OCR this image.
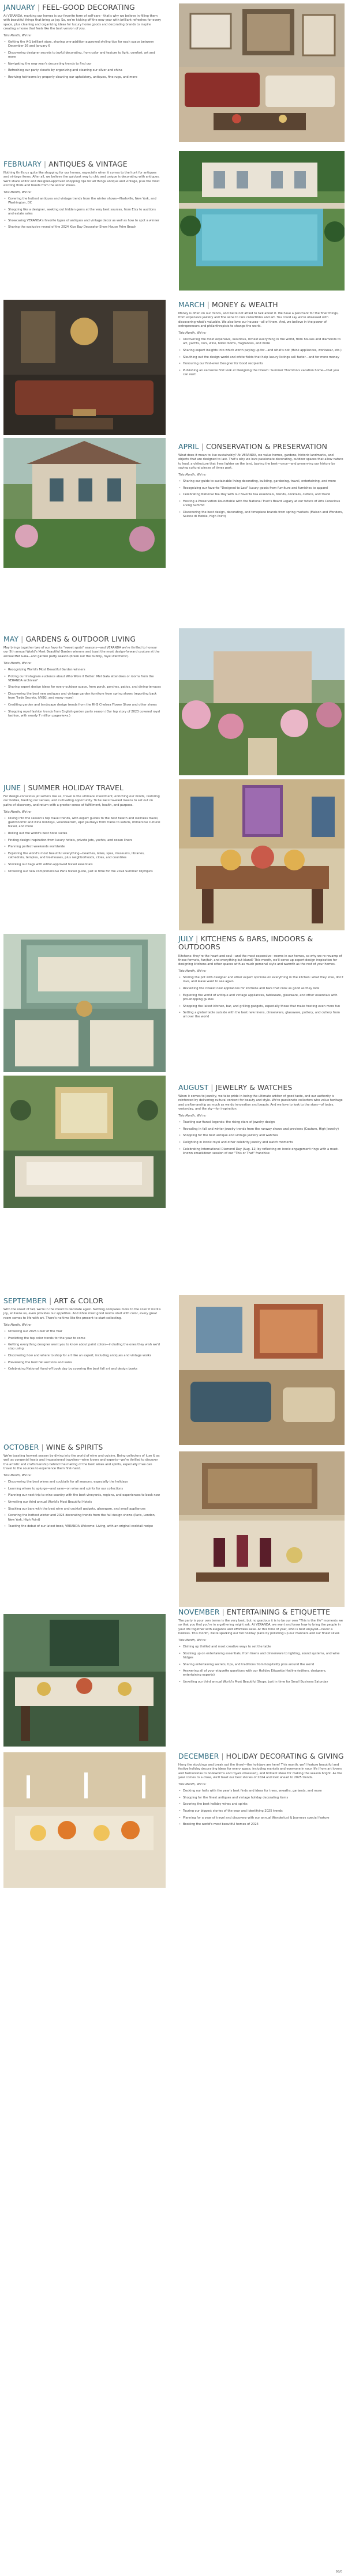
JANUARY | FEEL-GOOD DECORATING

At VERANDA, marking our homes is our favorite form of self-care - that's why we believe in filling them with beautiful things that bring us joy. So, we're kicking off the new year with brilliant refreshes for every space, plus cleaning and organizing ideas for luxury home goods and decorating brands to inspire creating a home that feels like the best version of you.

This Month, We're:

• Getting the A-1 brilliant stars, sharing one-addition-approved styling tips for each space between December 26 and January 6
• Discovering designer secrets to joyful decorating, from color and texture to light, comfort, art and more
• Navigating the new year's decorating trends to find our
• Refreshing our party closets by organizing and cleaning our silver and china
• Reviving heirlooms by properly cleaning our upholstery, antiques, fine rugs, and more
FEBRUARY | ANTIQUES & VINTAGE

Nothing thrills us quite like shopping for our homes, especially when it comes to the hunt for antiques and vintage items. After all, we believe the quickest way to chic and unique is decorating with antiques. We'll share editor and designer-approved shopping tips for all things antique and vintage, plus the most exciting finds and trends from the winter shows.

This Month, We're:

• Covering the hottest antiques and vintage trends from the winter shows—Nashville, New York, and Washington, DC
• Shopping like a designer, seeking out hidden gems at the very best sources, from Etsy to auctions and estate sales
• Showcasing VERANDA's favorite types of antiques and vintage decor as well as how to spot a winner
• Sharing the exclusive reveal of the 2024 Kips Bay Decorator Show House Palm Beach
MARCH | MONEY & WEALTH

Money is often on our minds, and we're not afraid to talk about it. We have a penchant for the finer things, from expensive jewelry and fine wine to rare collectibles and art. You could say we're obsessed with discovering what's valuable. We also love our houses—all of them. And, we believe in the power of entrepreneurs and philanthropists to change the world.

This Month, We're:

• Uncovering the most expensive, luxurious, richest everything in the world, from houses and diamonds to art, yachts, cars, wine, hotel rooms, fragrances, and more
• Sharing expert insights into which worth paying up for—and what's not (think appliances, workwear, etc.)
• Sleuthing out the design world and white fields that help luxury listings sell faster—and for more money
• Honouring our first-ever Designer for Good recipients
• Publishing an exclusive first look at Designing the Dream: Summer Thornton's vacation home—that you can rent!
APRIL | CONSERVATION & PRESERVATION

What does it mean to live sustainably? At VERANDA, we value homes, gardens, historic landmarks, and objects that are designed to last. That's why we love passionate decorating, outdoor spaces that allow nature to lead, architecture that lives lighter on the land, buying the best—once—and preserving our history by saving cultural pieces of times past.

This Month, We're:

• Sharing our guide to sustainable living decorating, building, gardening, travel, entertaining, and more
• Recognizing our favorite "Designed to Last" luxury goods from furniture and furnishes to apparel
• Celebrating National Tea Day with our favorite tea essentials, blends, cocktails, culture, and travel
• Hosting a Preservation Roundtable with the National Trust's Board Legacy at our future of Arts Conscious Living Summit
• Discovering the best design, decorating, and timepiece brands from spring markets (Maison and Wonders, Salone di Mobile, High Point)
MAY | GARDENS & OUTDOOR LIVING

May brings together two of our favorite "sweet spots" seasons—and VERANDA we're thrilled to honour our 5th annual World's Most Beautiful Garden winners and toast the most design-forward couture at the annual Met Gala—and garden party season (break out the bubbly, royal watchers!).

This Month, We're:

• Recognizing World's Most Beautiful Garden winners
• Picking our Instagram audience about Who Wore it Better: Met Gala attendees or rooms from the VERANDA archives?
• Sharing expert design ideas for every outdoor space, from porch, porches, patios, and dining terraces
• Discovering the best new antiques and vintage garden furniture from spring shows (reporting back from Trade Secrets, NYBG, and many more)
• Crediting garden and landscape design trends from the RHS Chelsea Flower Show and other shows
• Shopping royal fashion trends from English garden party season (Our top story of 2023 covered royal fashion, with nearly 7 million pageviews.)
JUNE | SUMMER HOLIDAY TRAVEL

For design-conscious jet setters like us, travel is the ultimate investment, enriching our minds, restoring our bodies, feeding our senses, and cultivating opportunity. To be well-traveled means to set out on paths of discovery, and return with a greater sense of fulfillment, health, and purpose.

This Month, We're:

• Diving into the season's top travel trends, with expert guides to the best health and wellness travel, gastronomic and wine holidays, volunteerism, epic journeys from trains to safaris, immersive cultural travel, and more
• Rolling out the world's best hotel suites
• Finding design inspiration from luxury hotels, private jets, yachts, and ocean liners
• Planning perfect weekends worldwide
• Exploring the world's most beautiful everything—beaches, lakes, spas, museums, libraries, cathedrals, temples, and treehouses, plus neighborhoods, cities, and countries
• Stocking our bags with editor-approved travel essentials
• Unveiling our new comprehensive Paris travel guide, just in time for the 2024 Summer Olympics
JULY | KITCHENS & BARS, INDOORS & OUTDOORS

Kitchens: they're the heart and soul—and the most expensive—rooms in our homes, so why we re-revamp of these formats, fun/fair, and everything but bland? This month, we'll serve up expert design inspiration for designing kitchens and other spaces with as much personal style and warmth as the rest of your homes.

This Month, We're:

• Storing the pot with designer and other expert opinions on everything in the kitchen: what they love, don't love, and leave want to see again
• Reviewing the closest new appliances for kitchens and bars that cook as good as they look
• Exploring the world of antique and vintage appliances, tableware, glassware, and other essentials with pro-shopping guides
• Shopping the latest kitchen, bar, and grilling gadgets, especially those that make hosting even more fun
• Setting a global table outside with the best new linens, dinnerware, glassware, pottery, and cutlery from all over the world
AUGUST | JEWELRY & WATCHES

When it comes to jewelry, we take pride in being the ultimate arbiter of good taste, and our authority is reinforced by delivering cultural content for beauty and style. We're passionate collectors who value heritage and craftsmanship as much as we do innovation and beauty. And we love to look to the stars—of today, yesterday, and the sky—for inspiration.

This Month, We're:

• Toasting our fiancé legends: the rising stars of jewelry design
• Revealing in fall and winter jewelry trends from the runway shows and previews (Couture, High Jewelry)
• Shopping for the best antique and vintage jewelry and watches
• Delighting in iconic royal and other celebrity jewelry and watch moments
• Celebrating International Diamond Day (Aug. 12) by reflecting on iconic engagement rings with a must-known smackdown session of our "This or That" franchise
SEPTEMBER | ART & COLOR

With the onset of fall, we're in the mood to decorate again. Nothing compares more to the color it instills joy, enlivens us, even provides our appetites. And while most good rooms start with color, every great room comes to life with art. There's no time like the present to start collecting.

This Month, We're:

• Unveiling our 2025 Color of the Year
• Predicting the top color trends for the year to come
• Getting everything designer want you to know about paint colors—including the ones they wish we'd stop using
• Discovering how and where to shop for art like an expert, including antiques and vintage works
• Previewing the best fall auctions and sales
• Celebrating National Hand-off book day by covering the best fall art and design books
OCTOBER | WINE & SPIRITS

We're toasting harvest season by diving into the world of wine and cuisine. Being collectors of luxe & as well as congenial hosts and impassioned travelers—wine lovers and experts—we're thrilled to discover the artistic and craftsmanship behind the making of the best wines and spirits, especially if we can travel to the sources to experience them first-hand.

This Month, We're:

• Discovering the best wines and cocktails for all seasons, especially the holidays
• Learning where to splurge—and save—on wine and spirits for our collections
• Planning our next trip to wine country with the best vineyards, regions, and experiences to book now
• Unveiling our third annual World's Most Beautiful Hotels
• Stocking our bars with the best wine and cocktail gadgets, glassware, and small appliances
• Covering the hottest winter and 2025 decorating trends from the fall design shows (Paris, London, New York, High Point)
• Toasting the debut of our latest book, VERANDA Welcome: Living, with an original cocktail recipe
NOVEMBER | ENTERTAINING & ETIQUETTE

The party is your own terms is the very best, but no gracious it is to be our own "This is the life" moments we so that you find you're in a gathering might ask. At VERANDA, we want and know how to bring the people in your life together with elegance and effortless ease. At this time of year, who is best enjoyed—never a hostess. This month, we're sparking our full holiday plans by polishing up our manners and our finest silver.

This Month, We're:

• Dishing up thrilled and most creative ways to set the table
• Stocking up on entertaining essentials, from linens and dinnerware to lighting, sound systems, and wine fridges
• Sharing entertaining secrets, tips, and traditions from hospitality pros around the world
• Answering all of your etiquette questions with our Holiday Etiquette Hotline (editors, designers, entertaining experts)
• Unveiling our third annual World's Most Beautiful Shops, just in time for Small Business Saturday
DECEMBER | HOLIDAY DECORATING & GIVING

Hang the stockings and break out the tinsel—the holidays are here! This month, we'll feature beautiful and festive holiday decorating ideas for every space, including mantels and everyone in your life (from art lovers and fashionistas to bookworms and royals obsessed), and brilliant ideas for making the season bright. As the year comes to a close, we'll toast our best stories of 2024 and look ahead to 2025 trends.

This Month, We're:

• Decking our halls with the year's best finds and ideas for trees, wreaths, garlands, and more
• Shopping for the finest antiques and vintage holiday decorating items
• Savoring the best holiday wines and spirits
• Touring our biggest stories of the year and identifying 2025 trends
• Planning for a year of travel and discovery with our annual Wanderlust & Journeys special feature
• Booking the world's most beautiful homes of 2024
98/0
